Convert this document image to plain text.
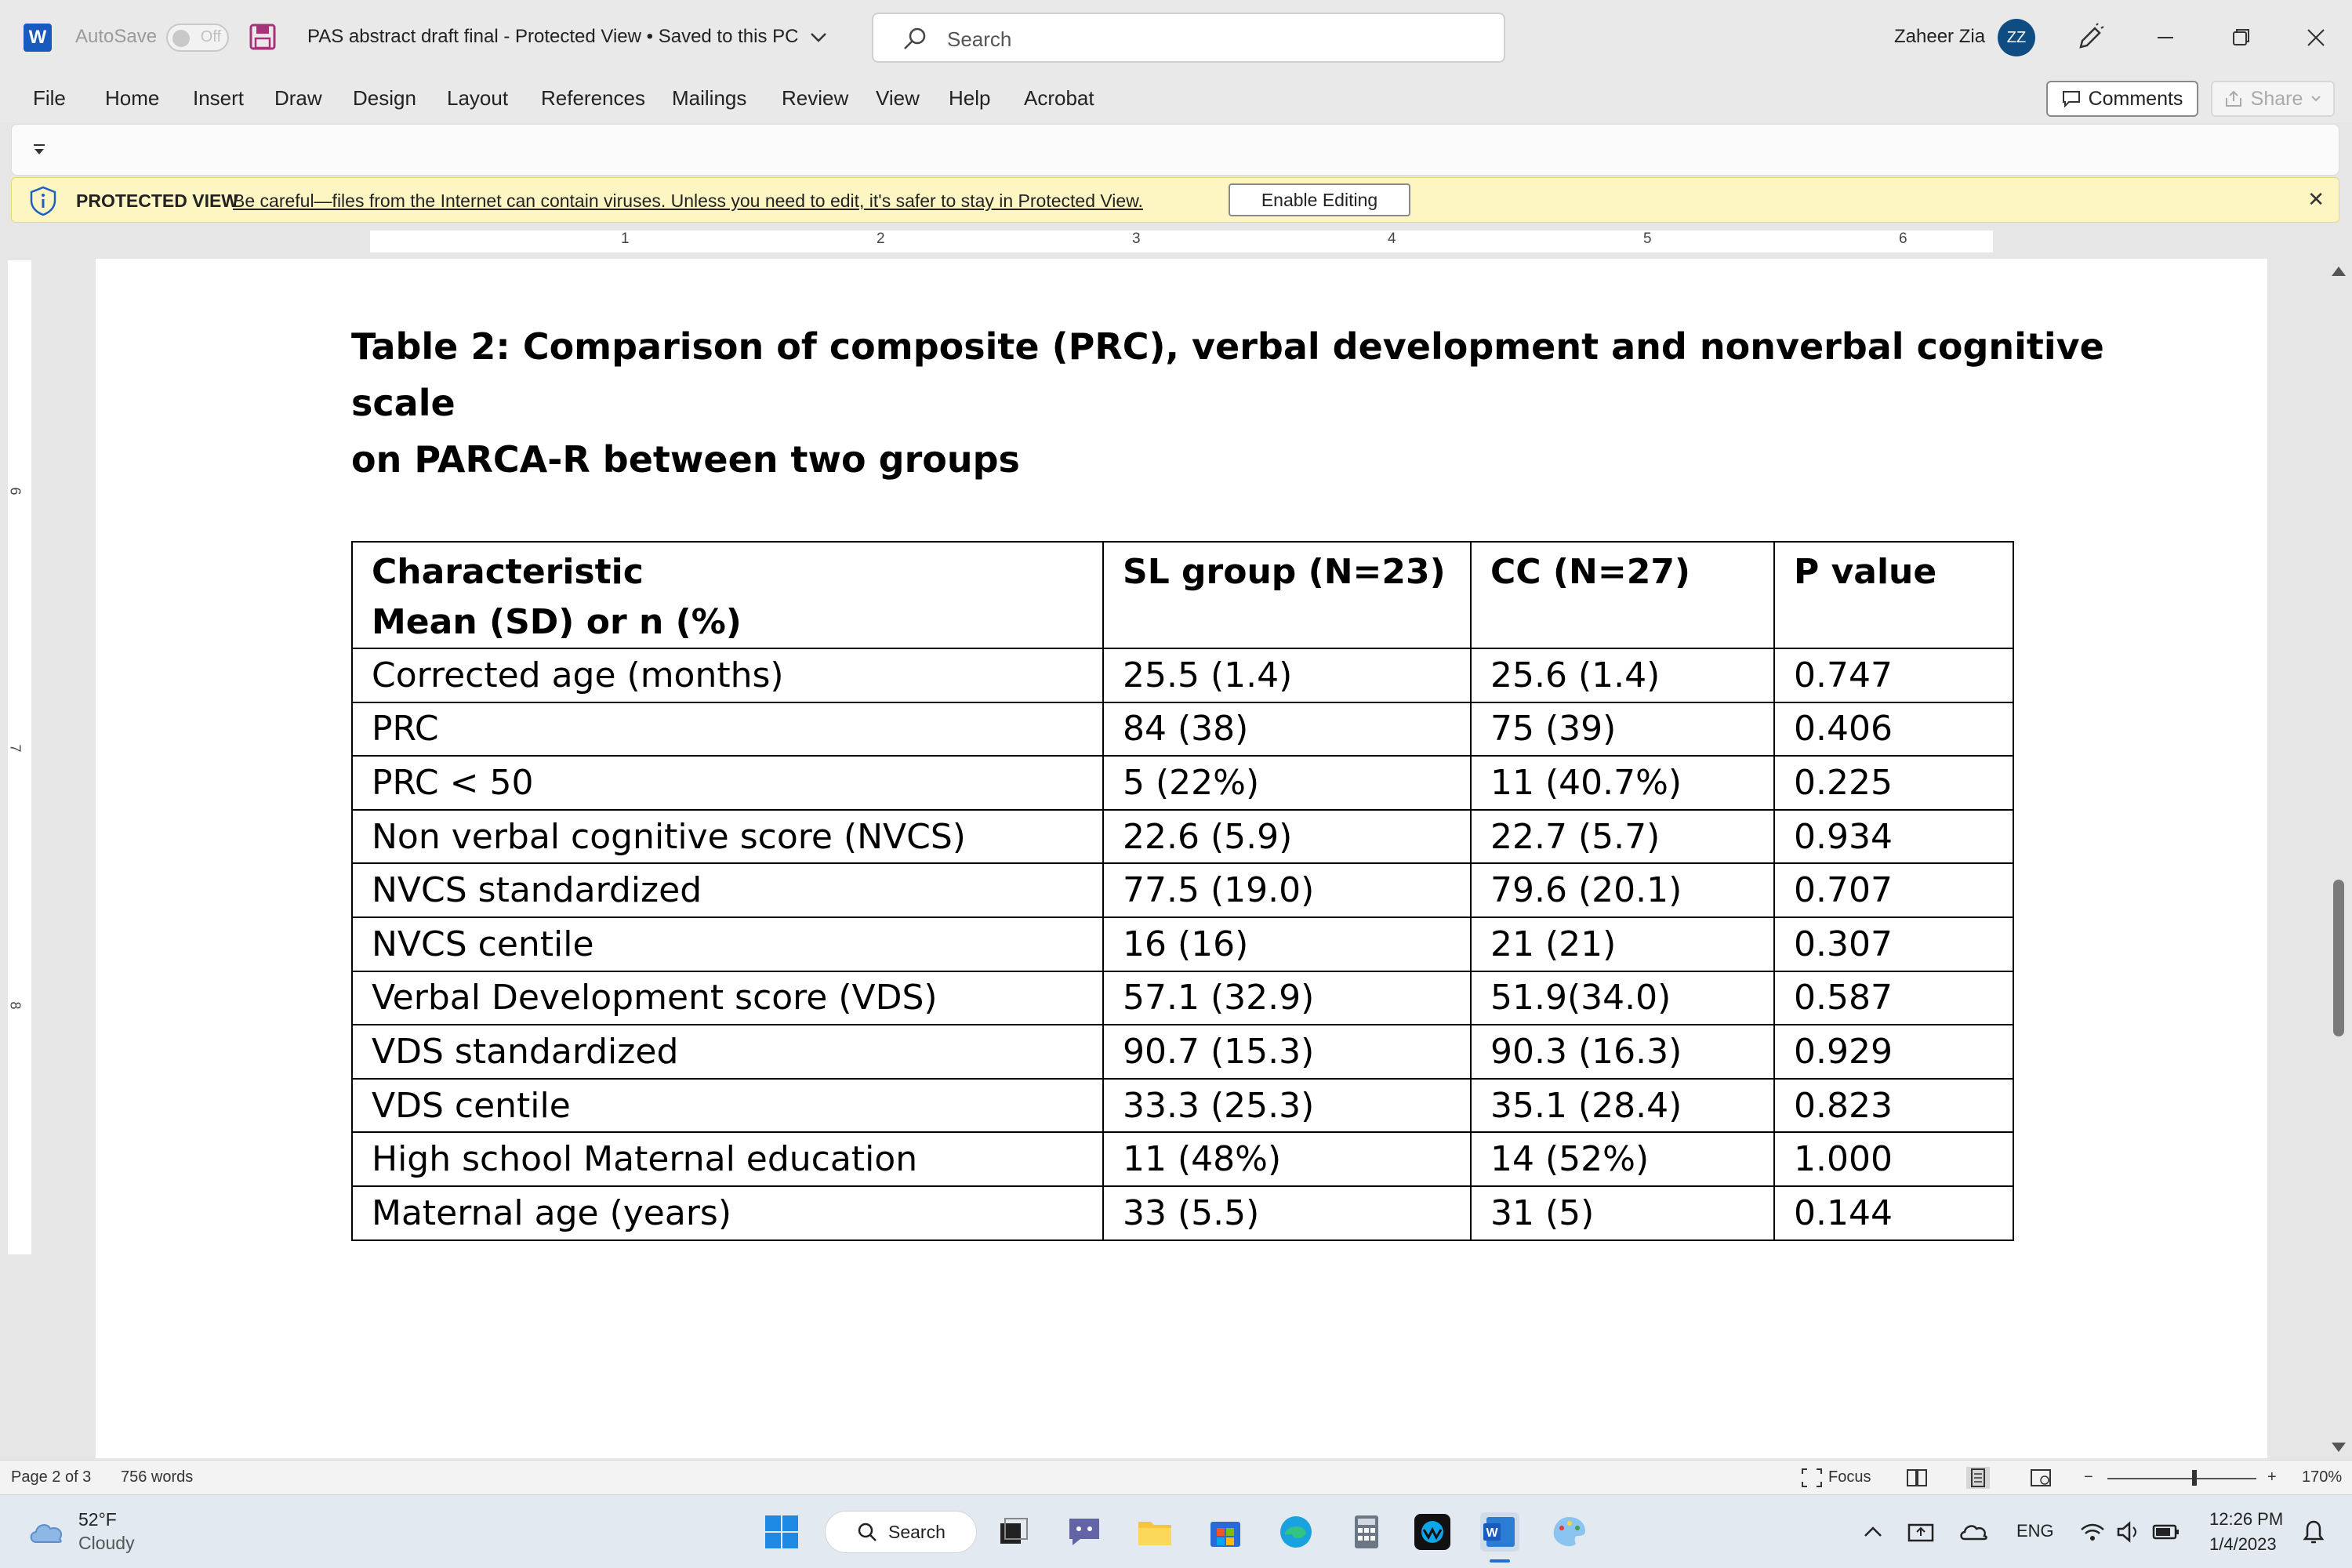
W AutoSave	Off	PAS abstract draft final - Protected View • Saved to this PC	Search	Zaheer Zia	ZZ
File Home Insert Draw Design Layout References Mailings Review View Help Acrobat	Comments	Share
PROTECTED VIEW
Be careful—files from the Internet can contain viruses. Unless you need to edit, it's safer to stay in Protected View.	Enable Editing	✕
1	2	3	4	5	6
6
7
8
Table 2: Comparison of composite (PRC), verbal development and nonverbal cognitive scale
on PARCA-R between two groups
Characteristic
Mean (SD) or n (%)	SL group (N=23)	CC (N=27)	P value
Corrected age (months)	25.5 (1.4)	25.6 (1.4)	0.747
PRC	84 (38)	75 (39)	0.406
PRC < 50	5 (22%)	11 (40.7%)	0.225
Non verbal cognitive score (NVCS)	22.6 (5.9)	22.7 (5.7)	0.934
NVCS standardized	77.5 (19.0)	79.6 (20.1)	0.707
NVCS centile	16 (16)	21 (21)	0.307
Verbal Development score (VDS)	57.1 (32.9)	51.9(34.0)	0.587
VDS standardized	90.7 (15.3)	90.3 (16.3)	0.929
VDS centile	33.3 (25.3)	35.1 (28.4)	0.823
High school Maternal education	11 (48%)	14 (52%)	1.000
Maternal age (years)	33 (5.5)	31 (5)	0.144
Page 2 of 3 756 words	Focus	−	+ 170%
52°F
Cloudy
Search	W	ENG
12:26 PM
1/4/2023
